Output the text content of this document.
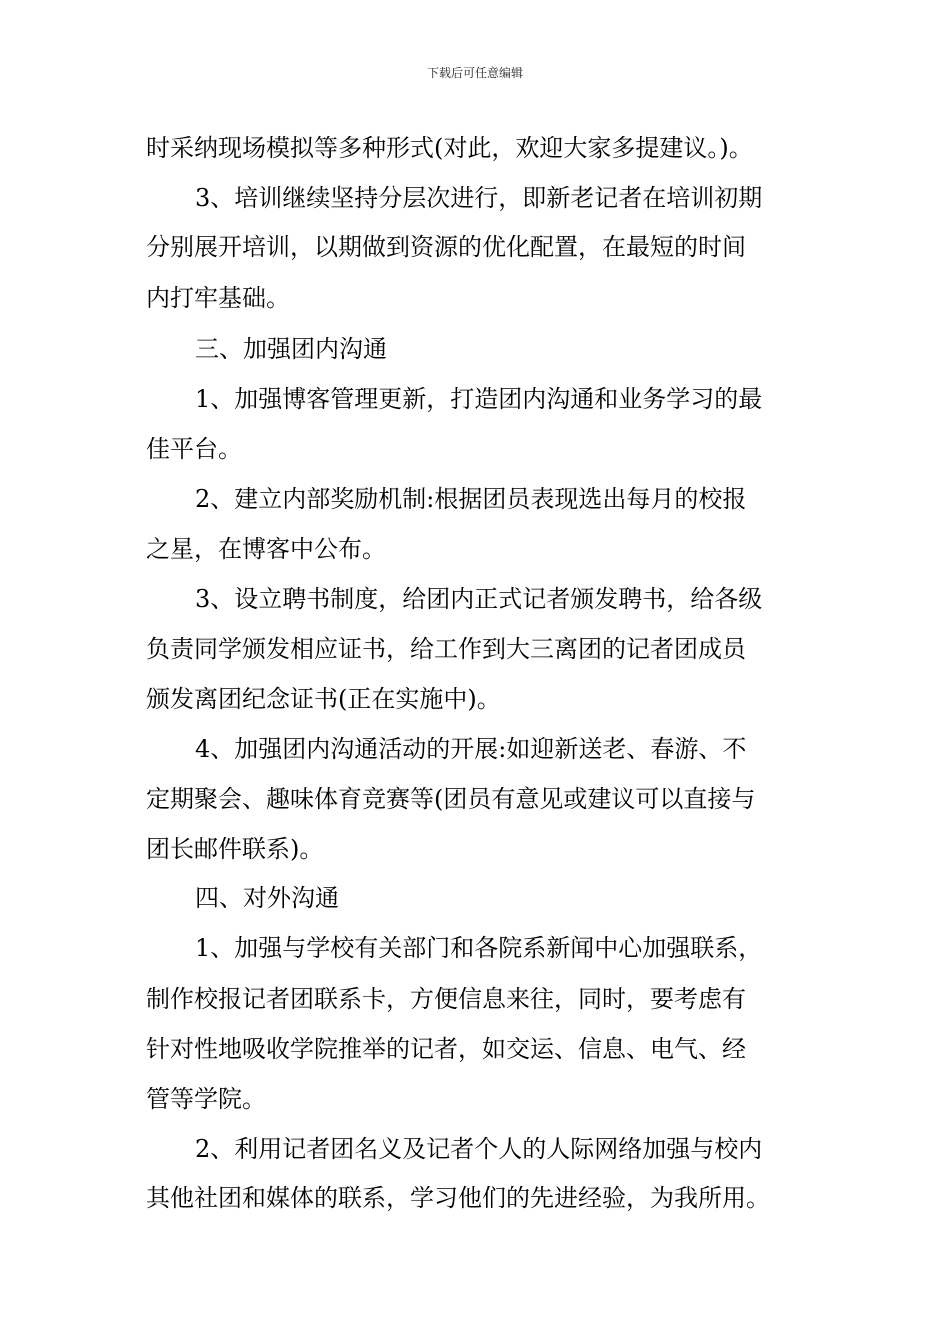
下载后可任意编辑
时采纳现场模拟等多种形式(对此，欢迎大家多提建议。)。
3、培训继续坚持分层次进行，即新老记者在培训初期
分别展开培训，以期做到资源的优化配置，在最短的时间
内打牢基础。
三、加强团内沟通
1、加强博客管理更新，打造团内沟通和业务学习的最
佳平台。
2、建立内部奖励机制:根据团员表现选出每月的校报
之星，在博客中公布。
3、设立聘书制度，给团内正式记者颁发聘书，给各级
负责同学颁发相应证书，给工作到大三离团的记者团成员
颁发离团纪念证书(正在实施中)。
4、加强团内沟通活动的开展:如迎新送老、春游、不
定期聚会、趣味体育竞赛等(团员有意见或建议可以直接与
团长邮件联系)。
四、对外沟通
1、加强与学校有关部门和各院系新闻中心加强联系，
制作校报记者团联系卡，方便信息来往，同时，要考虑有
针对性地吸收学院推举的记者，如交运、信息、电气、经
管等学院。
2、利用记者团名义及记者个人的人际网络加强与校内
其他社团和媒体的联系，学习他们的先进经验，为我所用。
